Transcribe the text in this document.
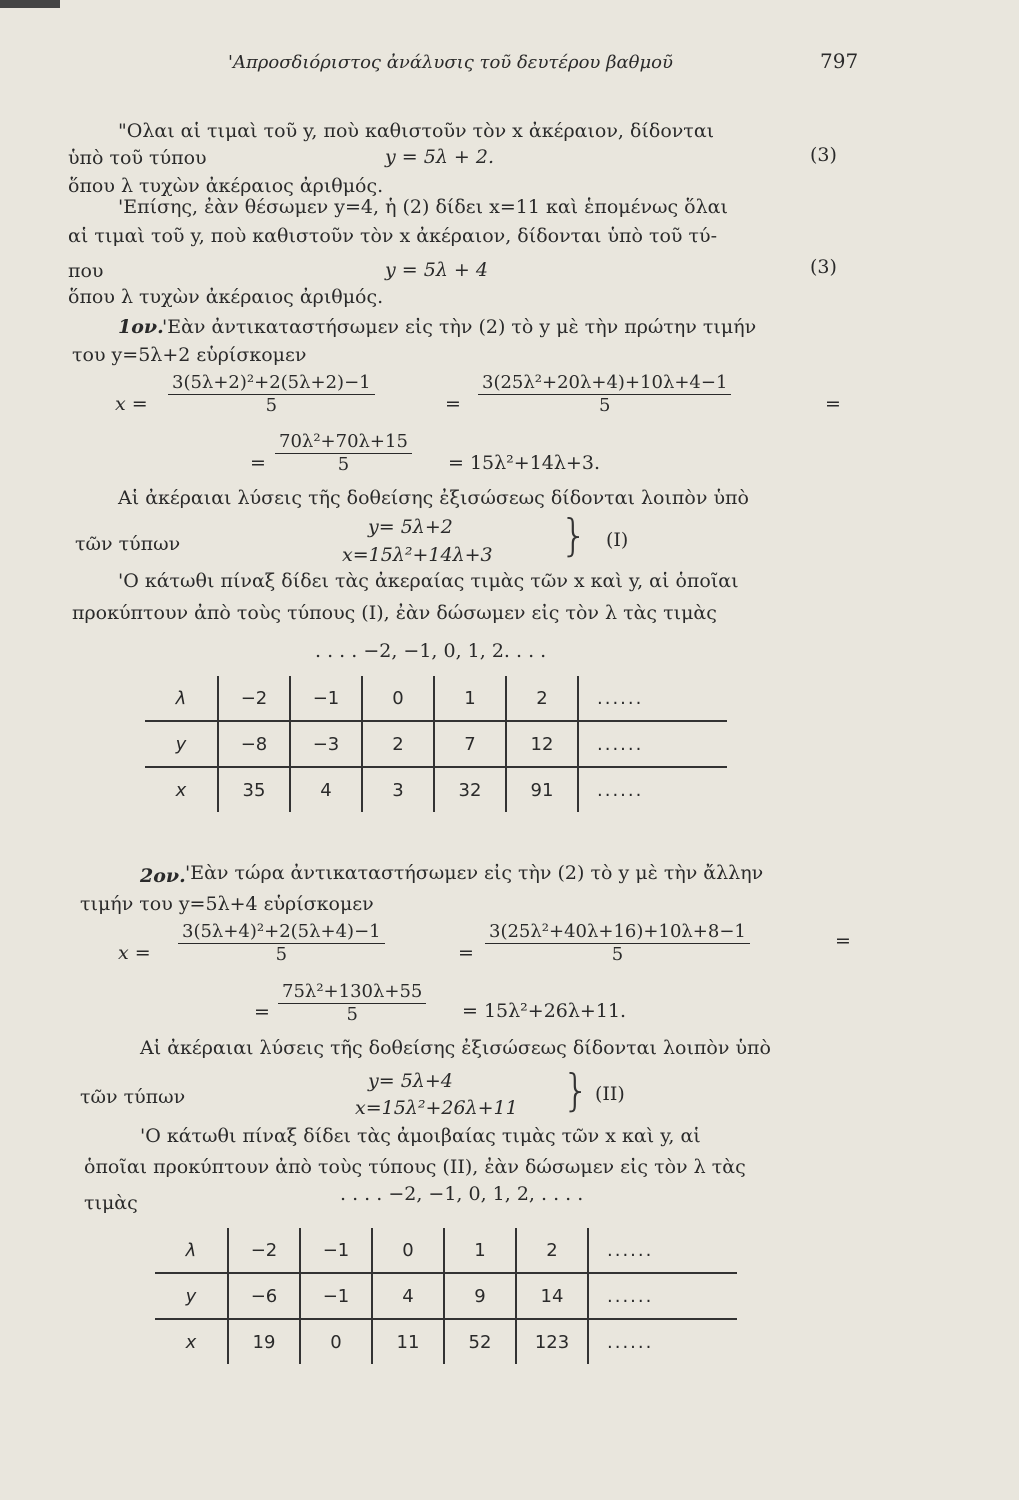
'Απροσδιόριστος ἀνάλυσις τοῦ δευτέρου βαθμοῦ	797
"Ολαι αἱ τιμαὶ τοῦ y, ποὺ καθιστοῦν τὸν x ἀκέραιον, δίδονται
ὑπὸ τοῦ τύπου	y = 5λ + 2.	(3)
ὅπου λ τυχὼν ἀκέραιος ἀριθμός.
'Επίσης, ἐὰν θέσωμεν y=4, ἡ (2) δίδει x=11 καὶ ἑπομένως ὅλαι
αἱ τιμαὶ τοῦ y, ποὺ καθιστοῦν τὸν x ἀκέραιον, δίδονται ὑπὸ τοῦ τύ-
που	y = 5λ + 4	(3)
ὅπου λ τυχὼν ἀκέραιος ἀριθμός.
1ον.
'Εὰν ἀντικαταστήσωμεν εἰς τὴν (2) τὸ y μὲ τὴν πρώτην τιμήν
του y=5λ+2 εὑρίσκομεν
$x = \frac{\text{3(5λ+2)²+2(5λ+2)−1}}{5}$	= $\frac{\text{3(25λ²+20λ+4)+10λ+4−1}}{5}$	=
= $\frac{\text{70λ²+70λ+15}}{5} = 15\lambda^2+14\lambda+3$.
Αἱ ἀκέραιαι λύσεις τῆς δοθείσης ἐξισώσεως δίδονται λοιπὸν ὑπὸ
τῶν τύπων
y= 5λ+2
x=15λ²+14λ+3 } (I)
'Ο κάτωθι πίναξ δίδει τὰς ἀκεραίας τιμὰς τῶν x καὶ y, αἱ ὁποῖαι
προκύπτουν ἀπὸ τοὺς τύπους (I), ἐὰν δώσωμεν εἰς τὸν λ τὰς τιμὰς
. . . . −2, −1, 0, 1, 2. . . .
λ	−2	−1	0	1	2	......
y	−8	−3	2	7	12	......
x	35	4	3	32	91	......
2ον. 'Εὰν τώρα ἀντικαταστήσωμεν εἰς τὴν (2) τὸ y μὲ τὴν ἄλλην
τιμήν του y=5λ+4 εὑρίσκομεν
$x = \frac{\text{3(5λ+4)²+2(5λ+4)−1}}{5}$	= $\frac{\text{3(25λ²+40λ+16)+10λ+8−1}}{5}$	=
= $\frac{\text{75λ²+130λ+55}}{5} = 15\lambda^2+26\lambda+11$.
Αἱ ἀκέραιαι λύσεις τῆς δοθείσης ἐξισώσεως δίδονται λοιπὸν ὑπὸ
τῶν τύπων
y= 5λ+4
x=15λ²+26λ+11 } (II)
'Ο κάτωθι πίναξ δίδει τὰς ἀμοιβαίας τιμὰς τῶν x καὶ y, αἱ
ὁποῖαι προκύπτουν ἀπὸ τοὺς τύπους (II), ἐὰν δώσωμεν εἰς τὸν λ τὰς
τιμὰς	. . . . −2, −1, 0, 1, 2, . . . .
λ	−2	−1	0	1	2	......
y	−6	−1	4	9	14	......
x	19	0	11	52	123	......
